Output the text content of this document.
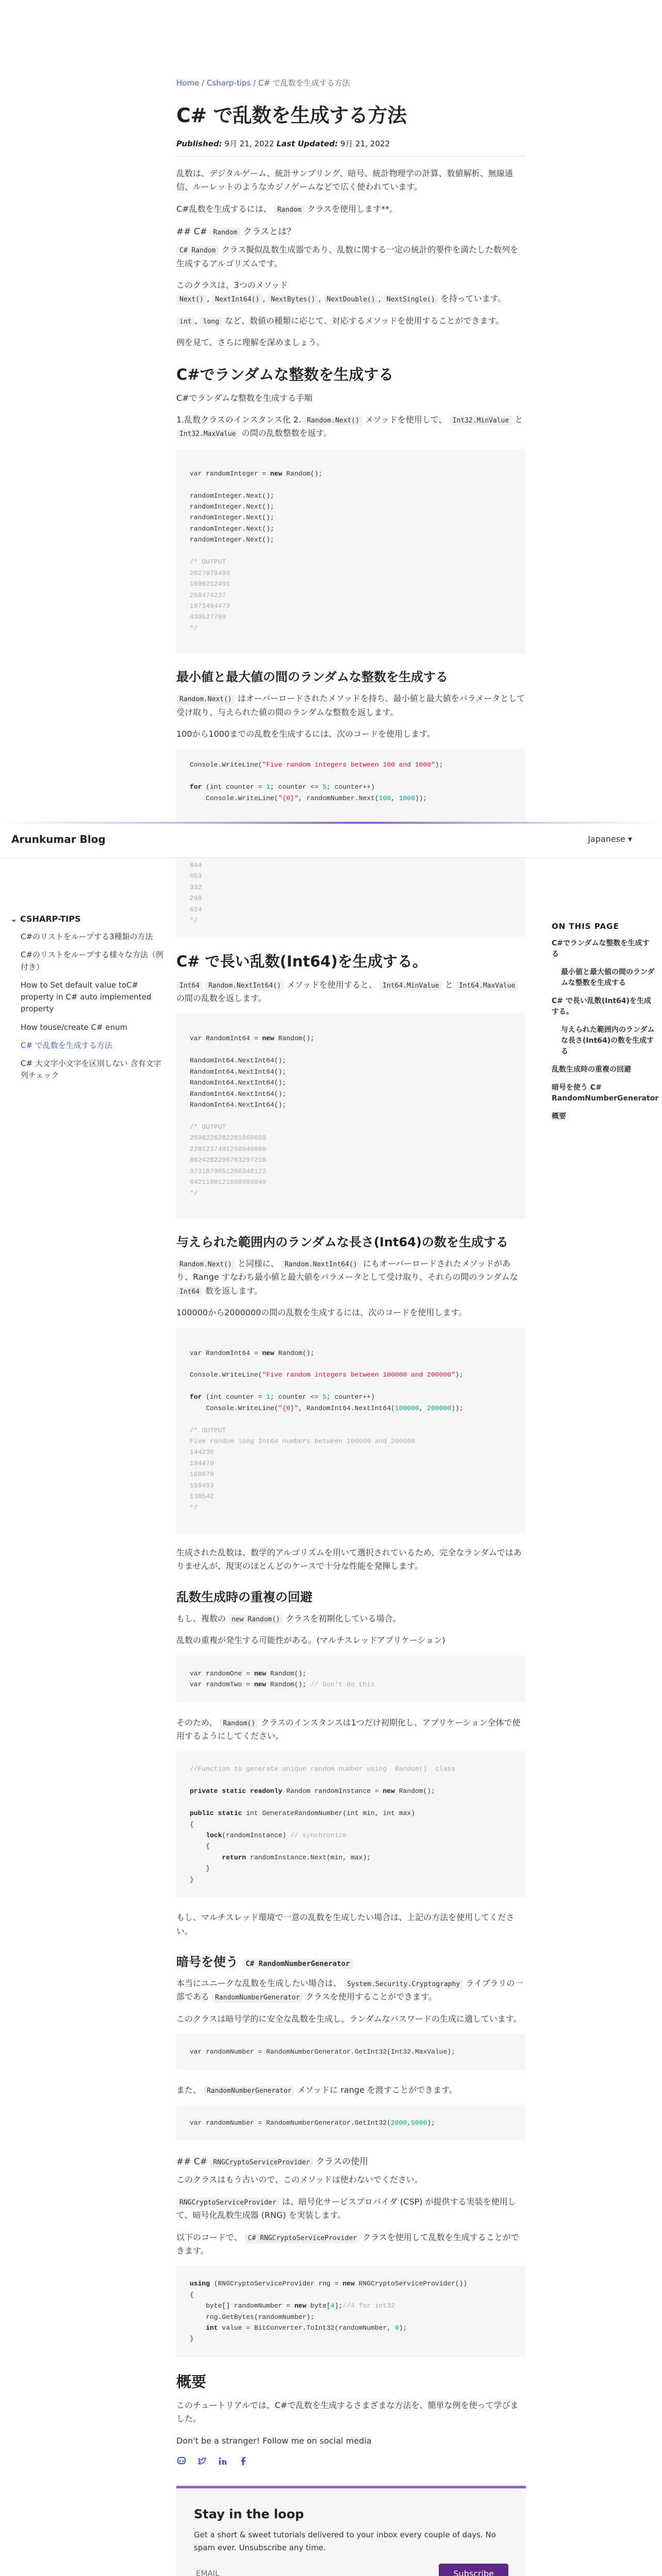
Home / Csharp-tips / C# で乱数を生成する方法
C# で乱数を生成する方法
Published: 9月 21, 2022 Last Updated: 9月 21, 2022

乱数は、デジタルゲーム、統計サンプリング、暗号、統計物理学の計算、数値解析、無線通信、ルーレットのようなカジノゲームなどで広く使われています。

C#乱数を生成するには、 Random クラスを使用します**。

## C# Random クラスとは？

C# Random クラス擬似乱数生成器であり、乱数に関する一定の統計的要件を満たした数列を生成するアルゴリズムです。

このクラスは、3つのメソッド
Next() , NextInt64() , NextBytes() , NextDouble() , NextSingle() を持っています。

int , long など、数値の種類に応じて、対応するメソッドを使用することができます。

例を見て、さらに理解を深めましょう。

C#でランダムな整数を生成する

C#でランダムな整数を生成する手順

1.乱数クラスのインスタンス化 2. Random.Next() メソッドを使用して、 Int32.MinValue と Int32.MaxValue の間の乱数整数を返す。

var randomInteger = new Random();

randomInteger.Next();
randomInteger.Next();
randomInteger.Next();
randomInteger.Next();
randomInteger.Next();

/* OUTPUT
2027079499
1600212491
258474237
1973484473
439527799
*/
最小値と最大値の間のランダムな整数を生成する

Random.Next() はオーバーロードされたメソッドを持ち、最小値と最大値をパラメータとして受け取り、与えられた値の間のランダムな整数を返します。

100から1000までの乱数を生成するには、次のコードを使用します。

Console.WriteLine("Five random integers between 100 and 1000");

for (int counter = 1; counter <= 5; counter++)
Console.WriteLine("{0}", randomNumber.Next(100, 1000));
Arunkumar Blog	Japanese ▾
⌄ CSHARP-TIPS
C#のリストをループする3種類の方法
C#のリストをループする様々な方法（例付き）
How to Set default value toC# property in C# auto implemented property
How touse/create C# enum
C# で乱数を生成する方法
C# 大文字小文字を区別しない 含有文字列チェック
ON THIS PAGE
C#でランダムな整数を生成する
最小値と最大値の間のランダムな整数を生成する
C# で長い乱数(Int64)を生成する。
与えられた範囲内のランダムな長さ(Int64)の数を生成する
乱数生成時の重複の回避
暗号を使う C# RandomNumberGenerator
概要
844
653
332
298
624
*/
C# で長い乱数(Int64)を生成する。

Int64 Random.NextInt64() メソッドを使用すると、 Int64.MinValue と Int64.MaxValue の間の乱数を返します。

var RandomInt64 = new Random();

RandomInt64.NextInt64();
RandomInt64.NextInt64();
RandomInt64.NextInt64();
RandomInt64.NextInt64();
RandomInt64.NextInt64();

/* OUTPUT
2598226282281660659
2281237491258840869
8024282290763297216
3731879051200348122
8421108121608903849
*/
与えられた範囲内のランダムな長さ(Int64)の数を生成する

Random.Next() と同様に、 Random.NextInt64() にもオーバーロードされたメソッドがあり、Range すなわち最小値と最大値をパラメータとして受け取り、それらの間のランダムな Int64 数を返します。

100000から2000000の間の乱数を生成するには、次のコードを使用します。

var RandomInt64 = new Random();

Console.WriteLine("Five random integers between 100000 and 200000");

for (int counter = 1; counter <= 5; counter++)
Console.WriteLine("{0}", RandomInt64.NextInt64(100000, 200000));

/* OUTPUT
Five random long Int64 numbers between 100000 and 200000
144236
184470
169079
159493
138542
*/

生成された乱数は、数学的アルゴリズムを用いて選択されているため、完全なランダムではありませんが、現実のほとんどのケースで十分な性能を発揮します。

乱数生成時の重複の回避

もし、複数の new Random() クラスを初期化している場合。

乱数の重複が発生する可能性がある。(マルチスレッドアプリケーション)

var randomOne = new Random();
var randomTwo = new Random(); // Don't do this

そのため、 Random() クラスのインスタンスは1つだけ初期化し、アプリケーション全体で使用するようにしてください。

//Function to generate unique random number using  Random()  class

private static readonly Random randomInstance = new Random();

public static int GenerateRandomNumber(int min, int max)
{
lock(randomInstance) // synchronize
{
return randomInstance.Next(min, max);
}
}

もし、マルチスレッド環境で一意の乱数を生成したい場合は、上記の方法を使用してください。

暗号を使う C# RandomNumberGenerator

本当にユニークな乱数を生成したい場合は、 System.Security.Cryptography ライブラリの一部である RandomNumberGenerator クラスを使用することができます。

このクラスは暗号学的に安全な乱数を生成し、ランダムなパスワードの生成に適しています。

var randomNumber = RandomNumberGenerator.GetInt32(Int32.MaxValue);

また、 RandomNumberGenerator メソッドに range を渡すことができます。

var randomNumber = RandomNumberGenerator.GetInt32(2000,5000);
## C# RNGCryptoServiceProvider クラスの使用

このクラスはもう古いので、このメソッドは使わないでください。

RNGCryptoServiceProvider は、暗号化サービスプロバイダ (CSP) が提供する実装を使用して、暗号化乱数生成器 (RNG) を実装します。

以下のコードで、 C# RNGCryptoServiceProvider クラスを使用して乱数を生成することができます。

using (RNGCryptoServiceProvider rng = new RNGCryptoServiceProvider())
{
byte[] randomNumber = new byte[4];//4 for int32
rng.GetBytes(randomNumber);
int value = BitConverter.ToInt32(randomNumber, 0);
}
概要

このチュートリアルでは、C#で乱数を生成するさまざまな方法を、簡単な例を使って学びました。

Don't be a stranger! Follow me on social media

Stay in the loop

Get a short & sweet tutorials delivered to your inbox every couple of days. No spam ever. Unsubscribe any time.

EMAIL
Subscribe
